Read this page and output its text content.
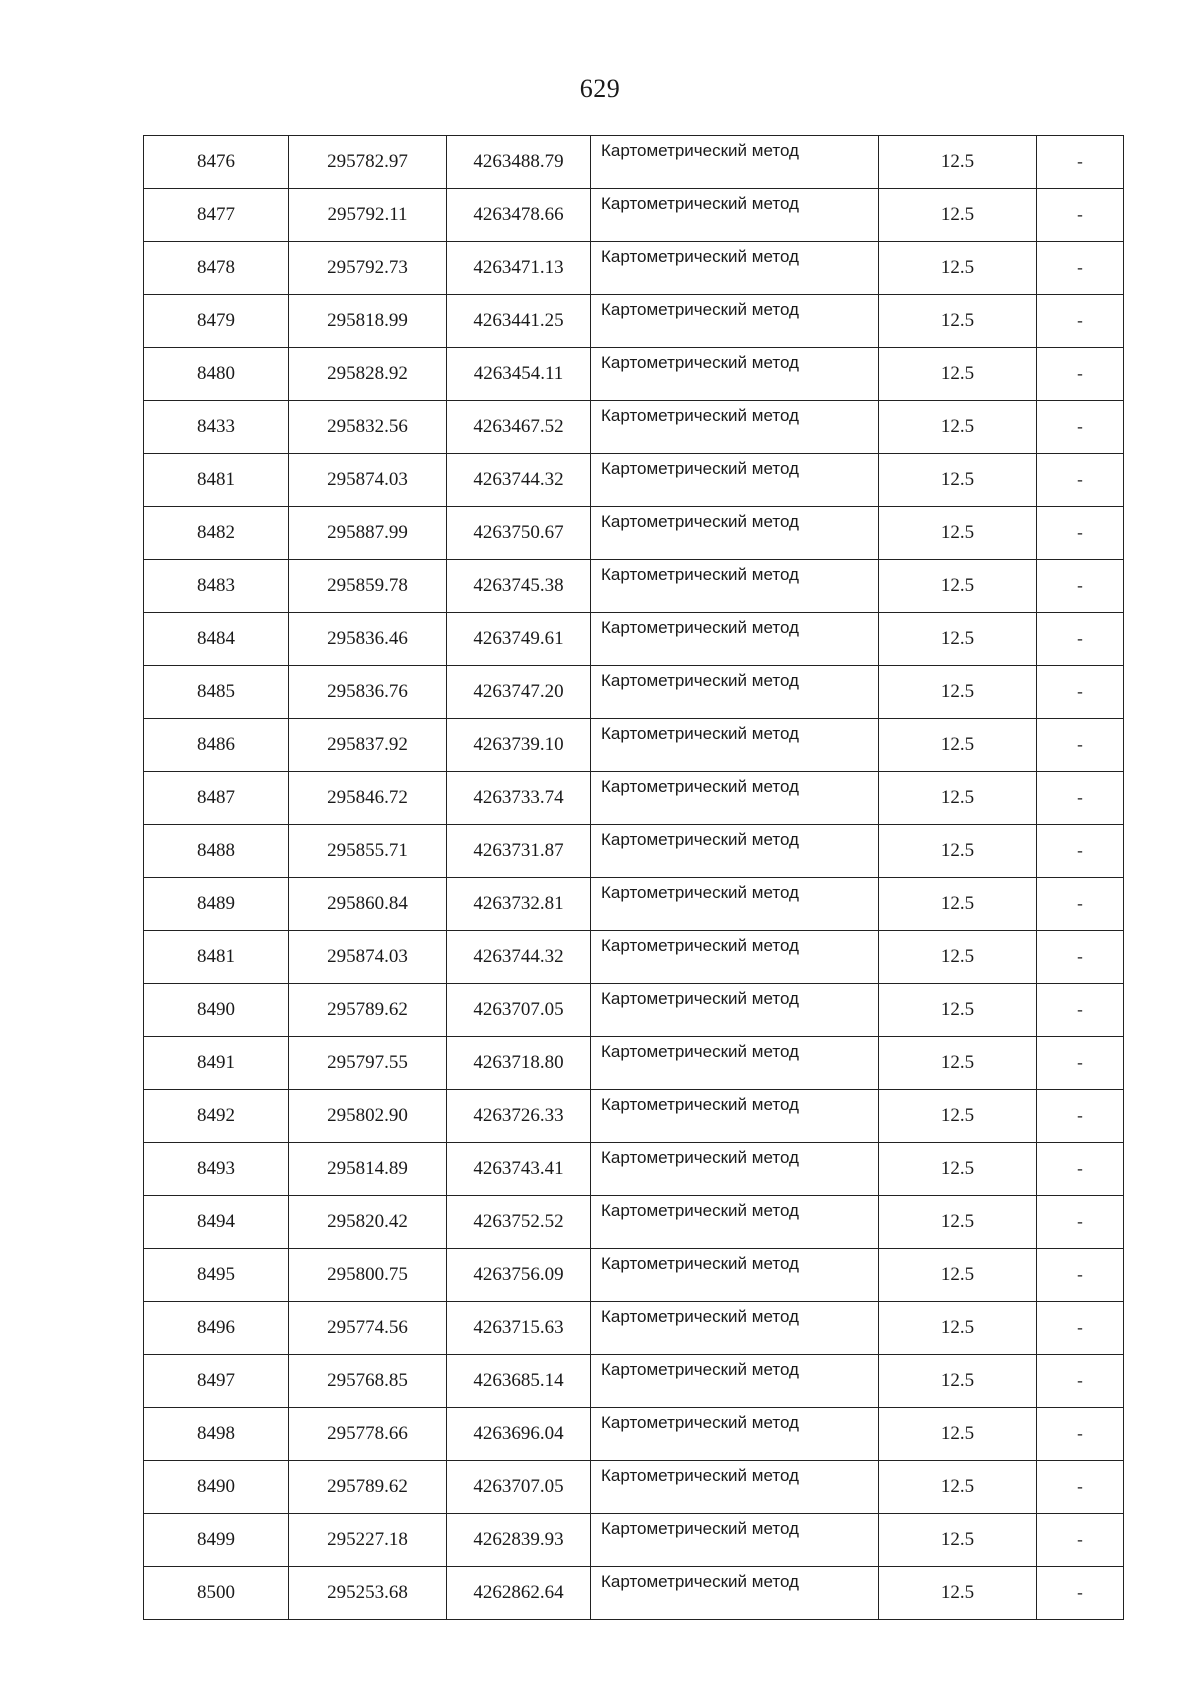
629
8476	295782.97	4263488.79	Картометрический метод	12.5	-
8477	295792.11	4263478.66	Картометрический метод	12.5	-
8478	295792.73	4263471.13	Картометрический метод	12.5	-
8479	295818.99	4263441.25	Картометрический метод	12.5	-
8480	295828.92	4263454.11	Картометрический метод	12.5	-
8433	295832.56	4263467.52	Картометрический метод	12.5	-
8481	295874.03	4263744.32	Картометрический метод	12.5	-
8482	295887.99	4263750.67	Картометрический метод	12.5	-
8483	295859.78	4263745.38	Картометрический метод	12.5	-
8484	295836.46	4263749.61	Картометрический метод	12.5	-
8485	295836.76	4263747.20	Картометрический метод	12.5	-
8486	295837.92	4263739.10	Картометрический метод	12.5	-
8487	295846.72	4263733.74	Картометрический метод	12.5	-
8488	295855.71	4263731.87	Картометрический метод	12.5	-
8489	295860.84	4263732.81	Картометрический метод	12.5	-
8481	295874.03	4263744.32	Картометрический метод	12.5	-
8490	295789.62	4263707.05	Картометрический метод	12.5	-
8491	295797.55	4263718.80	Картометрический метод	12.5	-
8492	295802.90	4263726.33	Картометрический метод	12.5	-
8493	295814.89	4263743.41	Картометрический метод	12.5	-
8494	295820.42	4263752.52	Картометрический метод	12.5	-
8495	295800.75	4263756.09	Картометрический метод	12.5	-
8496	295774.56	4263715.63	Картометрический метод	12.5	-
8497	295768.85	4263685.14	Картометрический метод	12.5	-
8498	295778.66	4263696.04	Картометрический метод	12.5	-
8490	295789.62	4263707.05	Картометрический метод	12.5	-
8499	295227.18	4262839.93	Картометрический метод	12.5	-
8500	295253.68	4262862.64	Картометрический метод	12.5	-
